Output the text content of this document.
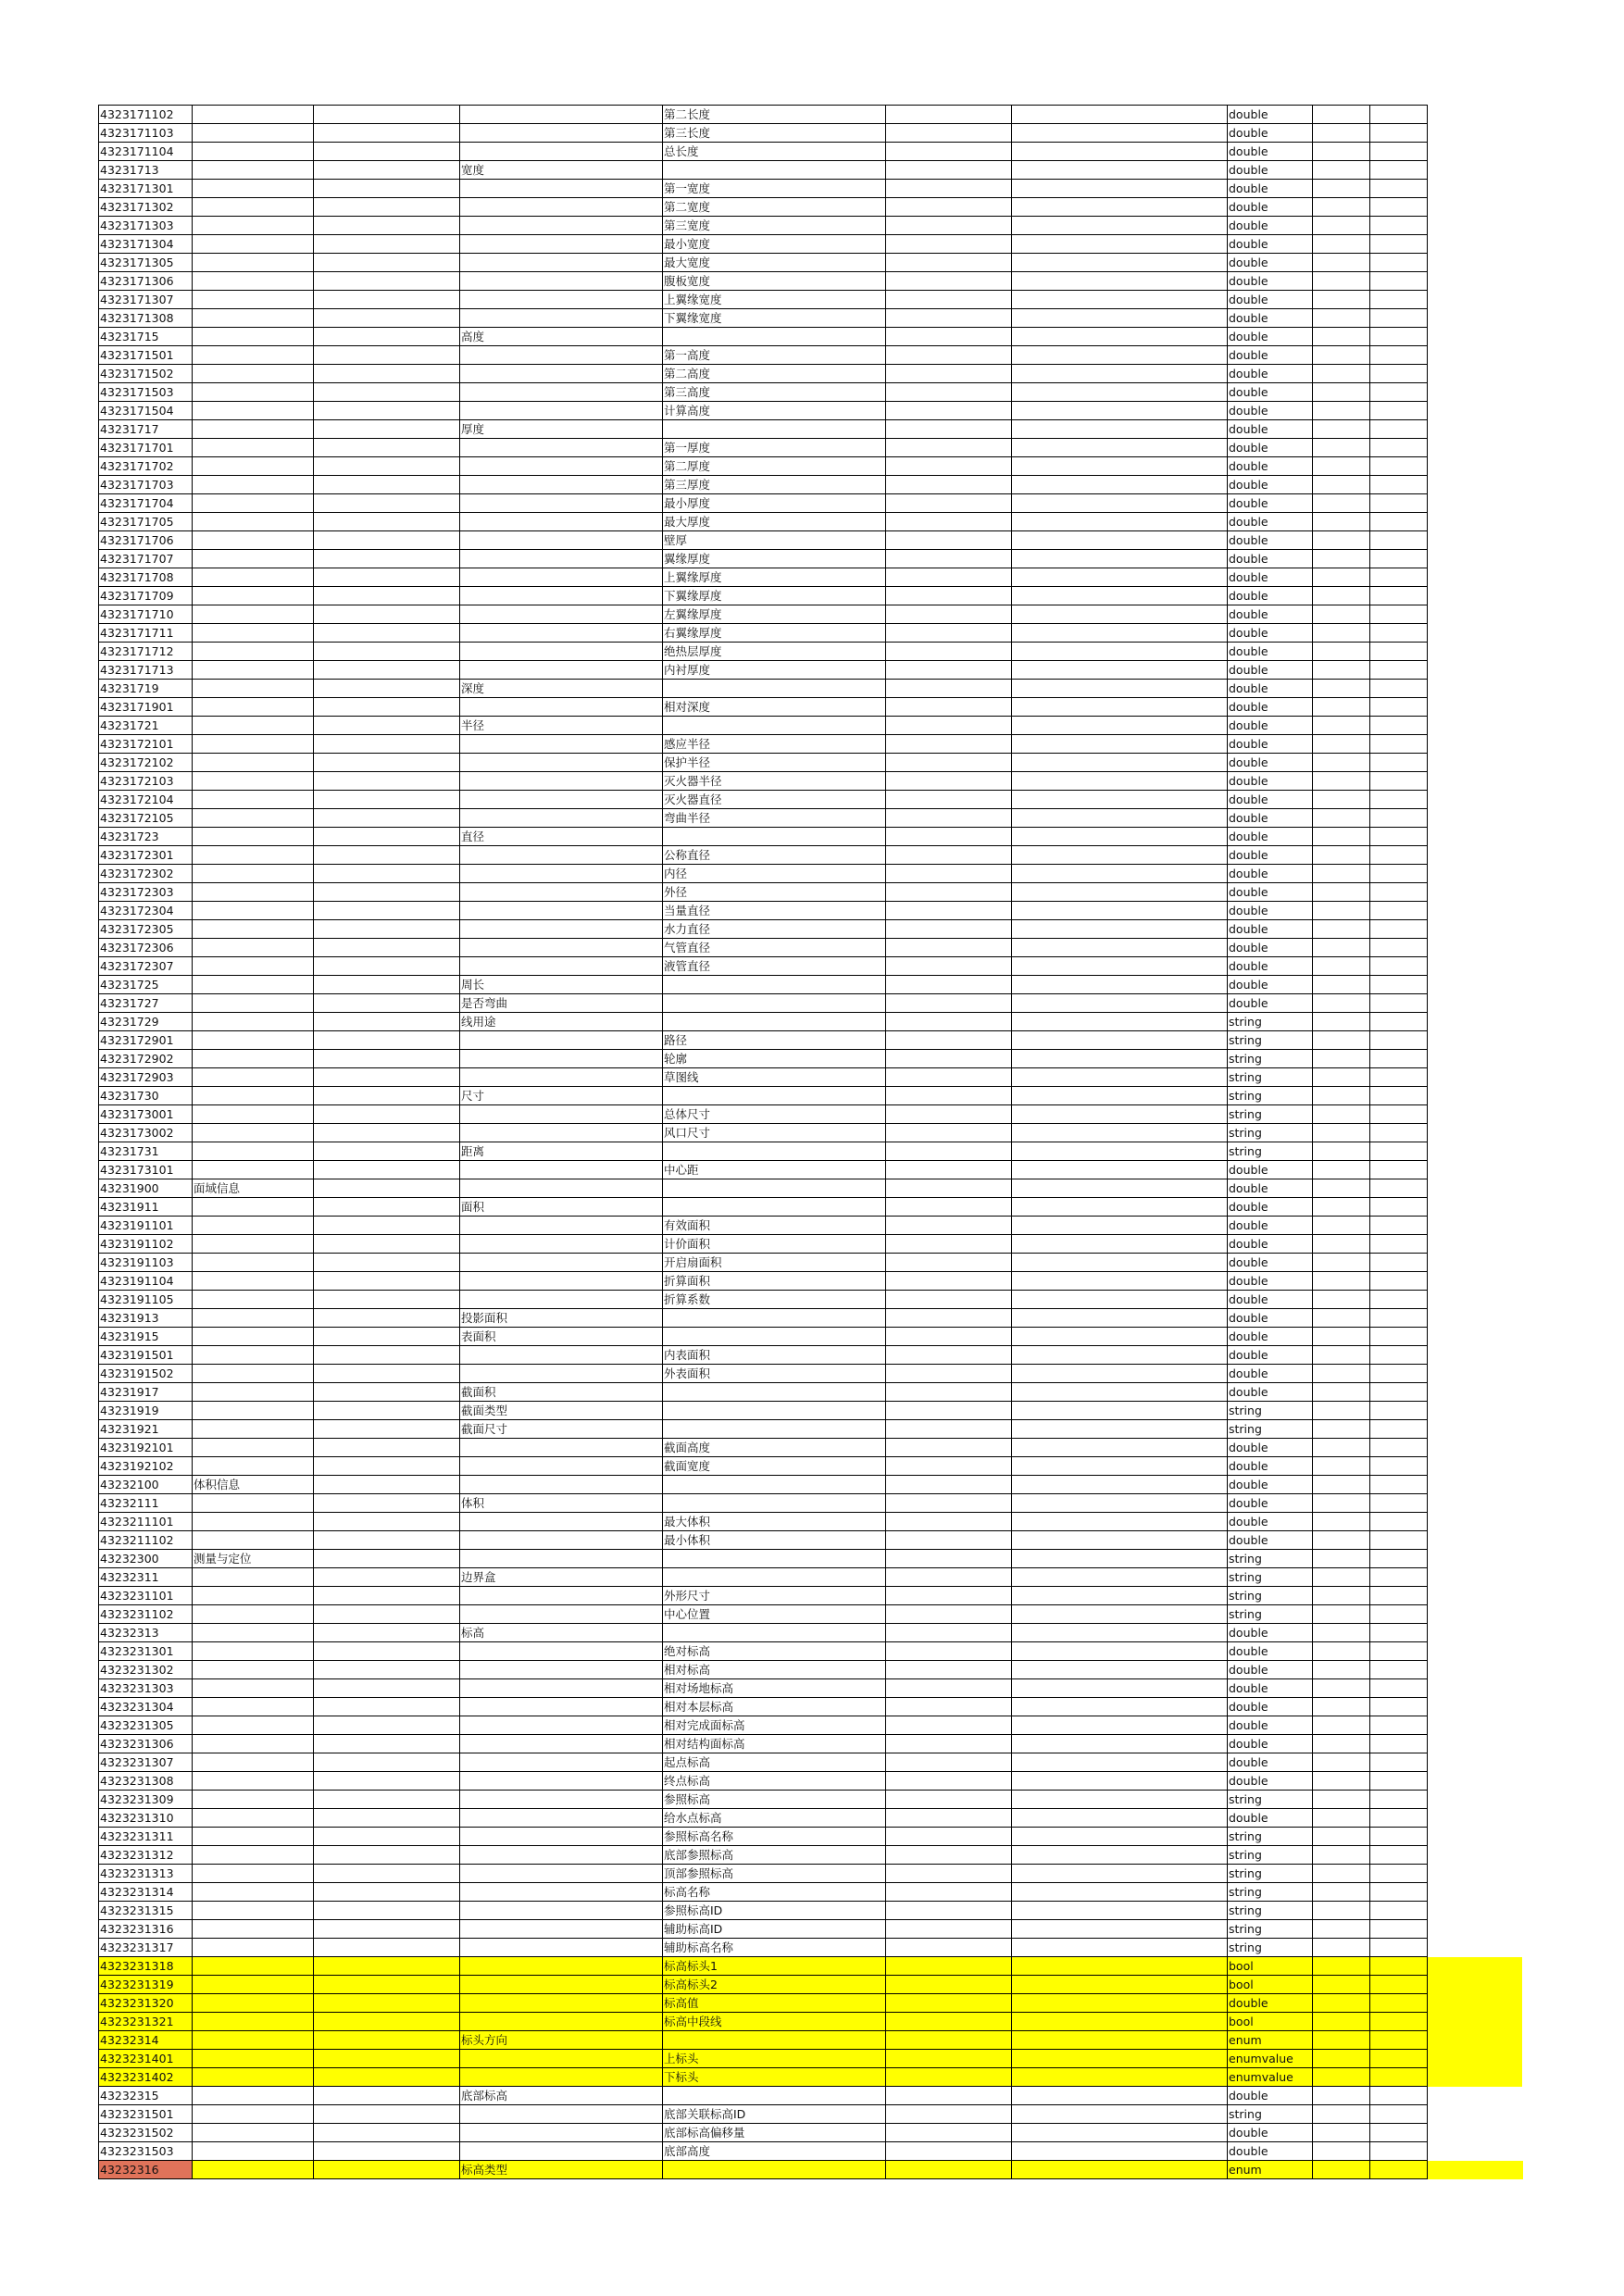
4323171102				第二长度			double			
4323171103				第三长度			double			
4323171104				总长度			double			
43231713			宽度				double			
4323171301				第一宽度			double			
4323171302				第二宽度			double			
4323171303				第三宽度			double			
4323171304				最小宽度			double			
4323171305				最大宽度			double			
4323171306				腹板宽度			double			
4323171307				上翼缘宽度			double			
4323171308				下翼缘宽度			double			
43231715			高度				double			
4323171501				第一高度			double			
4323171502				第二高度			double			
4323171503				第三高度			double			
4323171504				计算高度			double			
43231717			厚度				double			
4323171701				第一厚度			double			
4323171702				第二厚度			double			
4323171703				第三厚度			double			
4323171704				最小厚度			double			
4323171705				最大厚度			double			
4323171706				壁厚			double			
4323171707				翼缘厚度			double			
4323171708				上翼缘厚度			double			
4323171709				下翼缘厚度			double			
4323171710				左翼缘厚度			double			
4323171711				右翼缘厚度			double			
4323171712				绝热层厚度			double			
4323171713				内衬厚度			double			
43231719			深度				double			
4323171901				相对深度			double			
43231721			半径				double			
4323172101				感应半径			double			
4323172102				保护半径			double			
4323172103				灭火器半径			double			
4323172104				灭火器直径			double			
4323172105				弯曲半径			double			
43231723			直径				double			
4323172301				公称直径			double			
4323172302				内径			double			
4323172303				外径			double			
4323172304				当量直径			double			
4323172305				水力直径			double			
4323172306				气管直径			double			
4323172307				液管直径			double			
43231725			周长				double			
43231727			是否弯曲				double			
43231729			线用途				string			
4323172901				路径			string			
4323172902				轮廓			string			
4323172903				草图线			string			
43231730			尺寸				string			
4323173001				总体尺寸			string			
4323173002				风口尺寸			string			
43231731			距离				string			
4323173101				中心距			double			
43231900	面域信息						double			
43231911			面积				double			
4323191101				有效面积			double			
4323191102				计价面积			double			
4323191103				开启扇面积			double			
4323191104				折算面积			double			
4323191105				折算系数			double			
43231913			投影面积				double			
43231915			表面积				double			
4323191501				内表面积			double			
4323191502				外表面积			double			
43231917			截面积				double			
43231919			截面类型				string			
43231921			截面尺寸				string			
4323192101				截面高度			double			
4323192102				截面宽度			double			
43232100	体积信息						double			
43232111			体积				double			
4323211101				最大体积			double			
4323211102				最小体积			double			
43232300	测量与定位						string			
43232311			边界盒				string			
4323231101				外形尺寸			string			
4323231102				中心位置			string			
43232313			标高				double			
4323231301				绝对标高			double			
4323231302				相对标高			double			
4323231303				相对场地标高			double			
4323231304				相对本层标高			double			
4323231305				相对完成面标高			double			
4323231306				相对结构面标高			double			
4323231307				起点标高			double			
4323231308				终点标高			double			
4323231309				参照标高			string			
4323231310				给水点标高			double			
4323231311				参照标高名称			string			
4323231312				底部参照标高			string			
4323231313				顶部参照标高			string			
4323231314				标高名称			string			
4323231315				参照标高ID			string			
4323231316				辅助标高ID			string			
4323231317				辅助标高名称			string			
4323231318				标高标头1			bool			
4323231319				标高标头2			bool			
4323231320				标高值			double			
4323231321				标高中段线			bool			
43232314			标头方向				enum			
4323231401				上标头			enumvalue			
4323231402				下标头			enumvalue			
43232315			底部标高				double			
4323231501				底部关联标高ID			string			
4323231502				底部标高偏移量			double			
4323231503				底部高度			double			
43232316			标高类型				enum			
